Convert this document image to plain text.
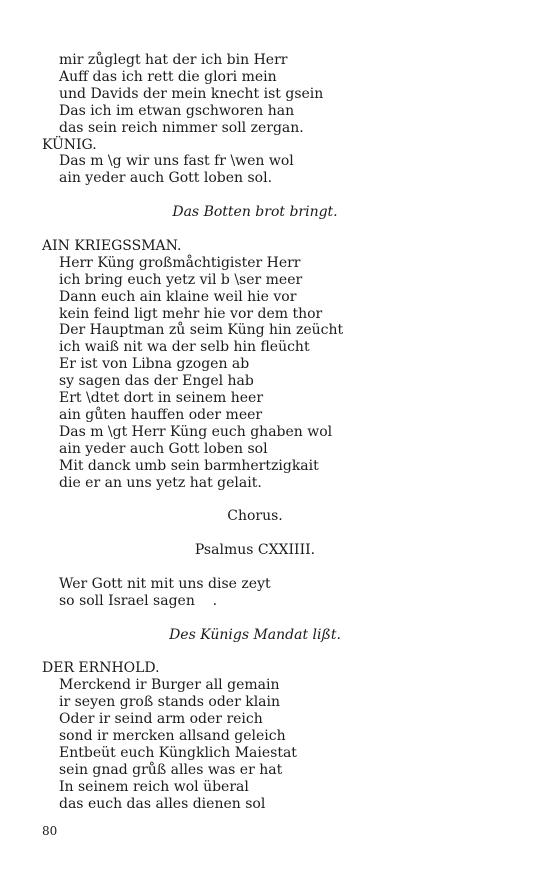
mir zůglegt hat der ich bin Herr
Auff das ich rett die glori mein
und Davids der mein knecht ist gsein
Das ich im etwan gschworen han
das sein reich nimmer soll zergan.
KÜNIG.
Das m \g wir uns fast fr \wen wol
ain yeder auch Gott loben sol.
Das Botten brot bringt.
AIN KRIEGSSMAN.
Herr Küng großmåchtigister Herr
ich bring euch yetz vil b \ser meer
Dann euch ain klaine weil hie vor
kein feind ligt mehr hie vor dem thor
Der Hauptman zů seim Küng hin zeücht
ich waiß nit wa der selb hin fleücht
Er ist von Libna gzogen ab
sy sagen das der Engel hab
Ert \dtet dort in seinem heer
ain gůten hauffen oder meer
Das m \gt Herr Küng euch ghaben wol
ain yeder auch Gott loben sol
Mit danck umb sein barmhertzigkait
die er an uns yetz hat gelait.
Chorus.
Psalmus CXXIIII.
Wer Gott nit mit uns dise zeyt
so soll Israel sagen    .
Des Künigs Mandat lißt.
DER ERNHOLD.
Merckend ir Burger all gemain
ir seyen groß stands oder klain
Oder ir seind arm oder reich
sond ir mercken allsand geleich
Entbeüt euch Küngklich Maiestat
sein gnad grůß alles was er hat
In seinem reich wol überal
das euch das alles dienen sol
80
